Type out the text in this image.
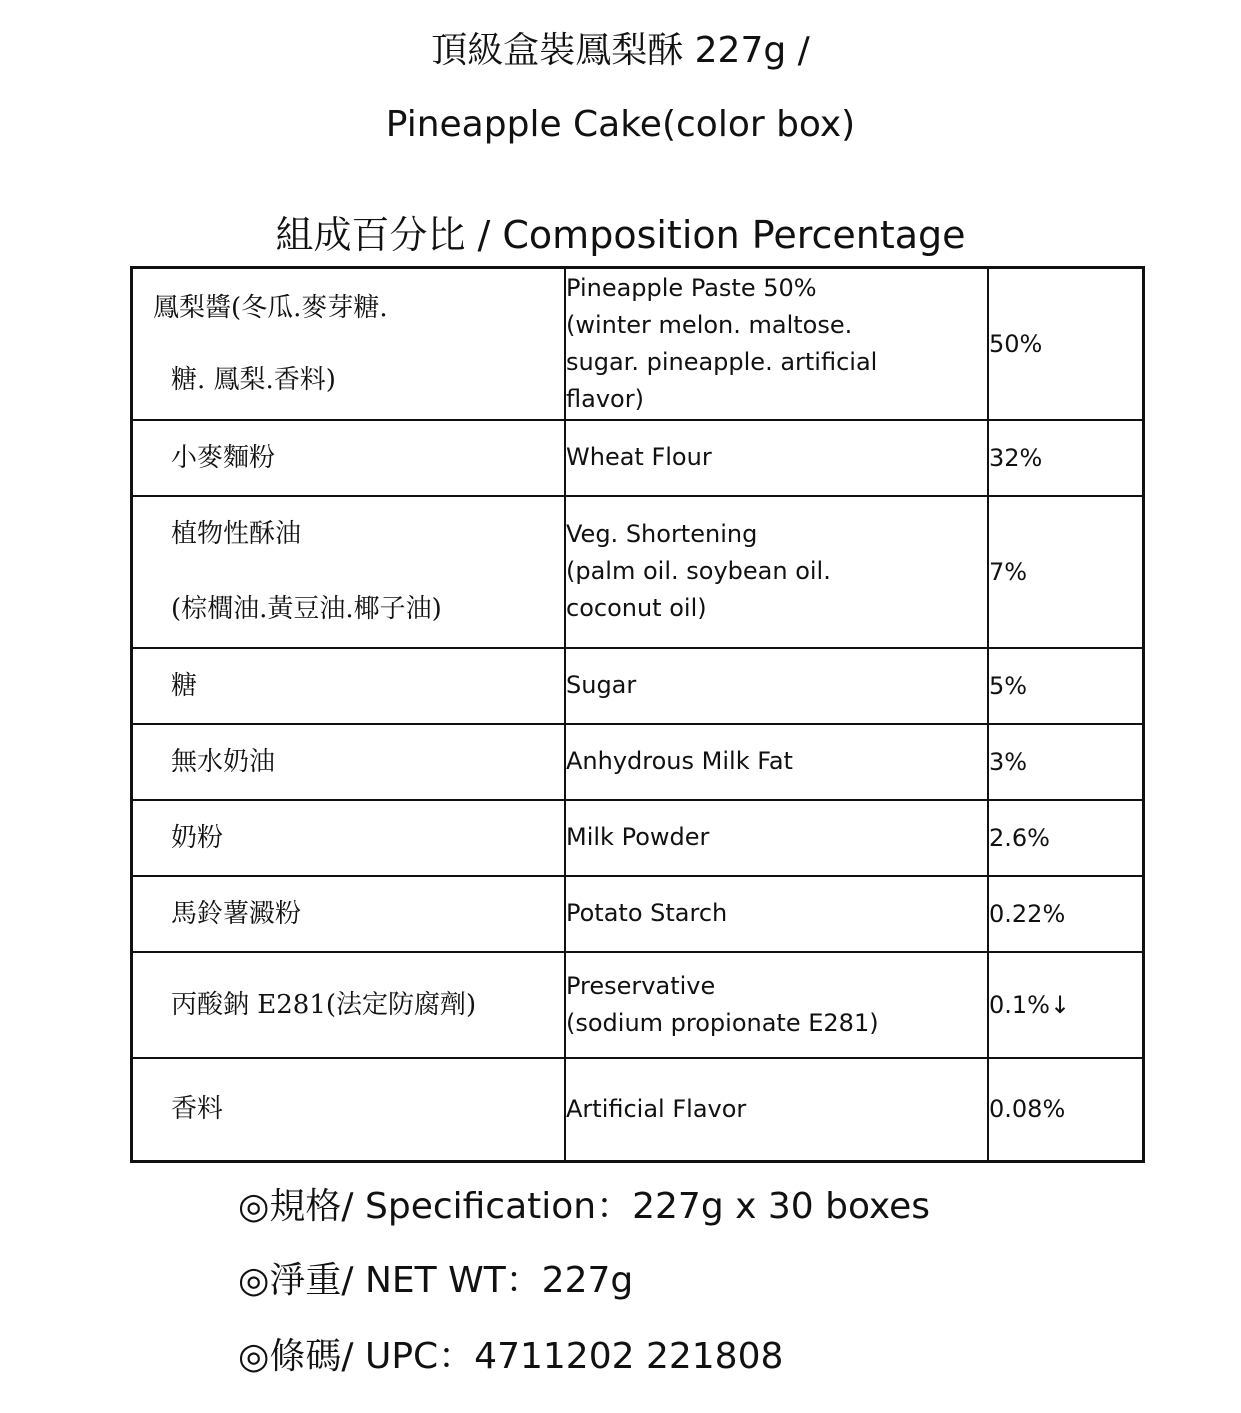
頂級盒裝鳳梨酥 227g /
Pineapple Cake(color box)
組成百分比 / Composition Percentage
鳳梨醬(冬瓜.麥芽糖.
糖. 鳳梨.香料)	Pineapple Paste 50%
(winter melon. maltose.
sugar. pineapple. artificial
flavor)	50%

小麥麵粉	Wheat Flour	32%

植物性酥油
(棕櫚油.黃豆油.椰子油)	Veg. Shortening
(palm oil. soybean oil.
coconut oil)	7%

糖	Sugar	5%

無水奶油	Anhydrous Milk Fat	3%

奶粉	Milk Powder	2.6%

馬鈴薯澱粉	Potato Starch	0.22%

丙酸鈉 E281(法定防腐劑)	Preservative
(sodium propionate E281)	0.1%↓

香料	Artificial Flavor	0.08%
◎規格/ Specification：227g x 30 boxes
◎淨重/ NET WT：227g
◎條碼/ UPC：4711202 221808
